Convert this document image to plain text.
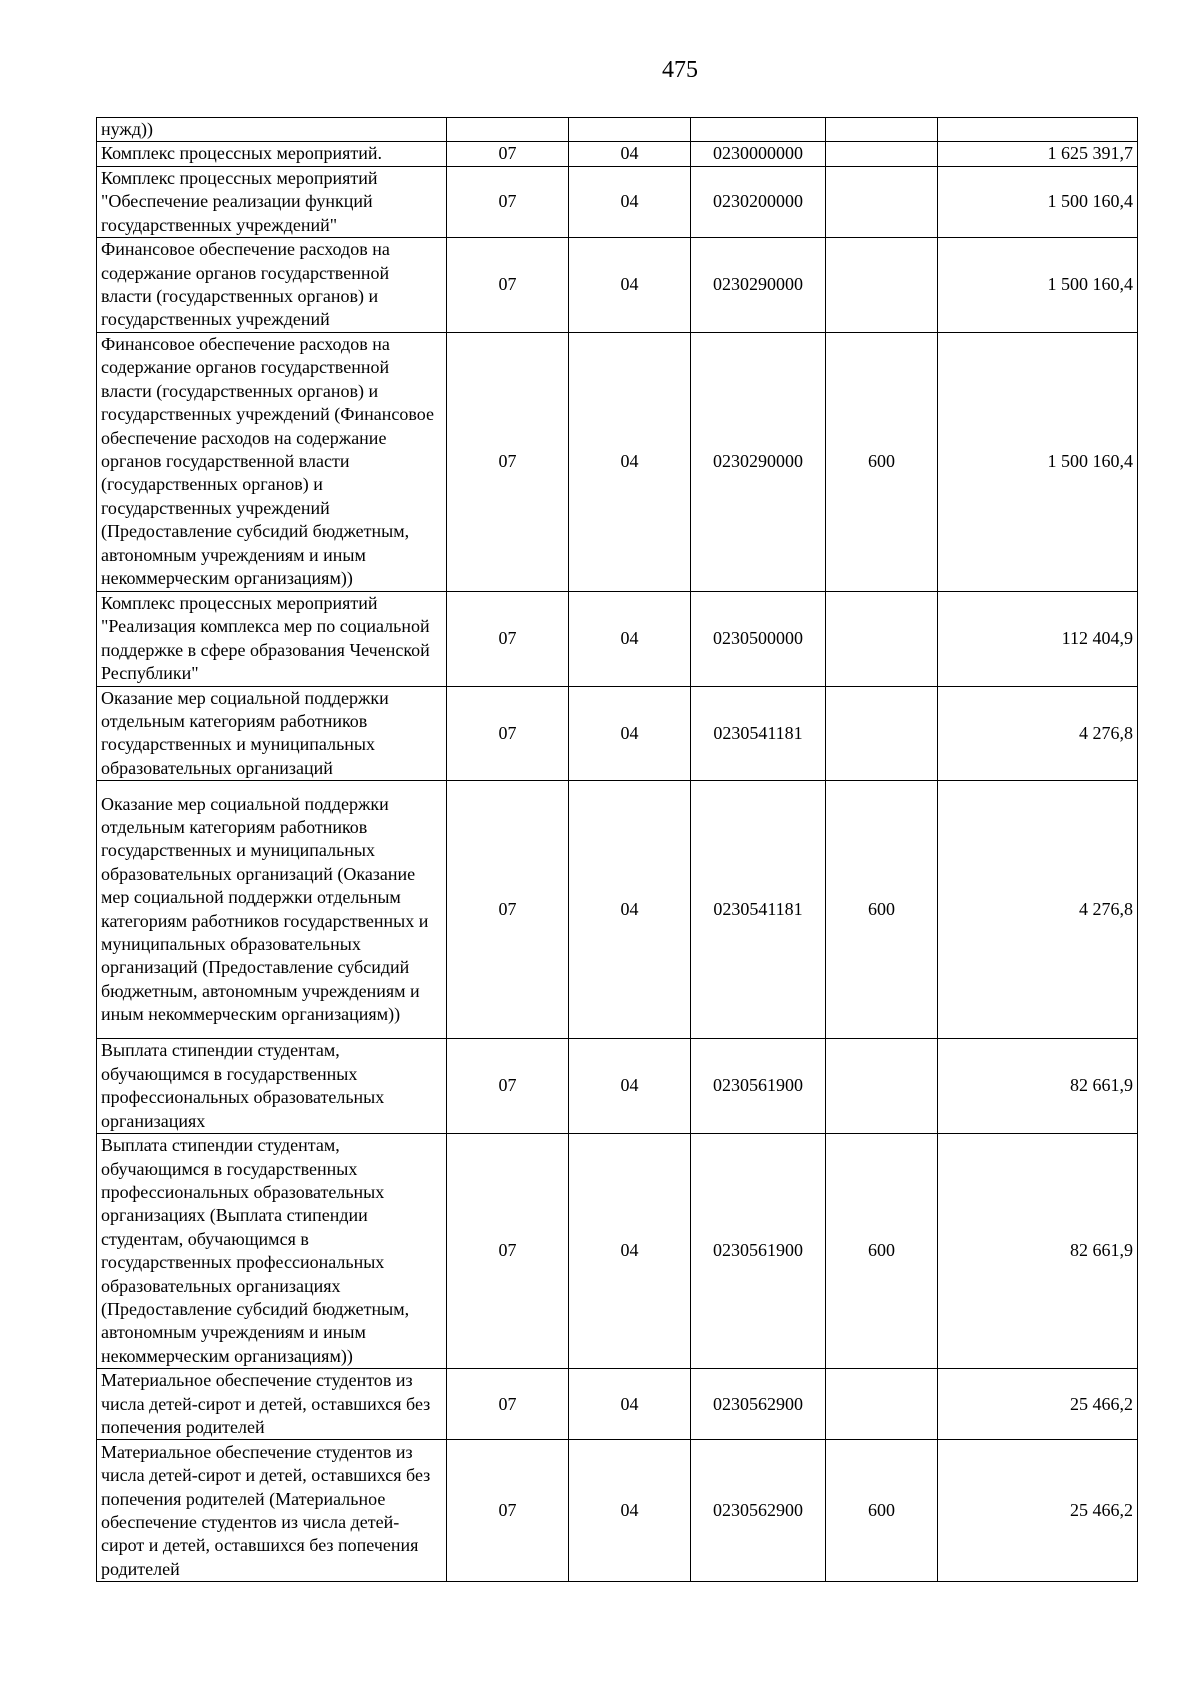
475
нужд))					
Комплекс процессных мероприятий.	07	04	0230000000		1 625 391,7
Комплекс процессных мероприятий "Обеспечение реализации функций государственных учреждений"	07	04	0230200000		1 500 160,4
Финансовое обеспечение расходов на содержание органов государственной власти (государственных органов) и государственных учреждений	07	04	0230290000		1 500 160,4
Финансовое обеспечение расходов на содержание органов государственной власти (государственных органов) и государственных учреждений (Финансовое обеспечение расходов на содержание органов государственной власти (государственных органов) и государственных учреждений (Предоставление субсидий бюджетным, автономным учреждениям и иным некоммерческим организациям))	07	04	0230290000	600	1 500 160,4
Комплекс процессных мероприятий "Реализация комплекса мер по социальной поддержке в сфере образования Чеченской Республики"	07	04	0230500000		112 404,9
Оказание мер социальной поддержки отдельным категориям работников государственных и муниципальных образовательных организаций	07	04	0230541181		4 276,8
Оказание мер социальной поддержки отдельным категориям работников государственных и муниципальных образовательных организаций (Оказание мер социальной поддержки отдельным категориям работников государственных и муниципальных образовательных организаций (Предоставление субсидий бюджетным, автономным учреждениям и иным некоммерческим организациям))	07	04	0230541181	600	4 276,8
Выплата стипендии студентам, обучающимся в государственных профессиональных образовательных организациях	07	04	0230561900		82 661,9
Выплата стипендии студентам, обучающимся в государственных профессиональных образовательных организациях (Выплата стипендии студентам, обучающимся в государственных профессиональных образовательных организациях (Предоставление субсидий бюджетным, автономным учреждениям и иным некоммерческим организациям))	07	04	0230561900	600	82 661,9
Материальное обеспечение студентов из числа детей-сирот и детей, оставшихся без попечения родителей	07	04	0230562900		25 466,2
Материальное обеспечение студентов из числа детей-сирот и детей, оставшихся без попечения родителей (Материальное обеспечение студентов из числа детей-сирот и детей, оставшихся без попечения родителей	07	04	0230562900	600	25 466,2
